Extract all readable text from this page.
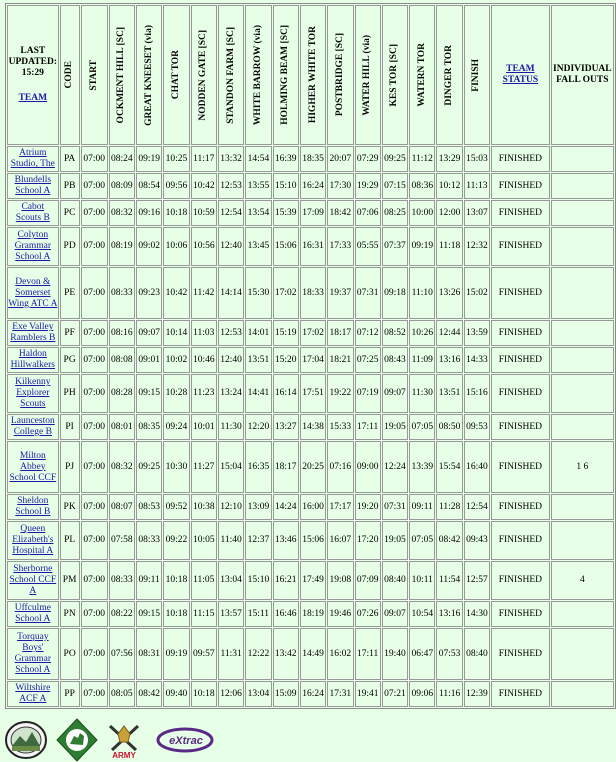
LAST UPDATED:
15:29
TEAM	CODE	START	OCKMENT HILL [SC]	GREAT KNEESET (via)	CHAT TOR	NODDEN GATE [SC]	STANDON FARM [SC]	WHITE BARROW (via)	HOLMING BEAM [SC]	HIGHER WHITE TOR	POSTBRIDGE [SC]	WATER HILL (via)	KES TOR [SC]	WATERN TOR	DINGER TOR	FINISH	TEAM STATUS	INDIVIDUAL FALL OUTS
Atrium Studio, The	PA	07:00	08:24	09:19	10:25	11:17	13:32	14:54	16:39	18:35	20:07	07:29	09:25	11:12	13:29	15:03	FINISHED	
Blundells School A	PB	07:00	08:09	08:54	09:56	10:42	12:53	13:55	15:10	16:24	17:30	19:29	07:15	08:36	10:12	11:13	FINISHED	
Cabot Scouts B	PC	07:00	08:32	09:16	10:18	10:59	12:54	13:54	15:39	17:09	18:42	07:06	08:25	10:00	12:00	13:07	FINISHED	
Colyton Grammar School A	PD	07:00	08:19	09:02	10:06	10:56	12:40	13:45	15:06	16:31	17:33	05:55	07:37	09:19	11:18	12:32	FINISHED	
Devon & Somerset Wing ATC A	PE	07:00	08:33	09:23	10:42	11:42	14:14	15:30	17:02	18:33	19:37	07:31	09:18	11:10	13:26	15:02	FINISHED	
Exe Valley Ramblers B	PF	07:00	08:16	09:07	10:14	11:03	12:53	14:01	15:19	17:02	18:17	07:12	08:52	10:26	12:44	13:59	FINISHED	
Haldon Hillwalkers	PG	07:00	08:08	09:01	10:02	10:46	12:40	13:51	15:20	17:04	18:21	07:25	08:43	11:09	13:16	14:33	FINISHED	
Kilkenny Explorer Scouts	PH	07:00	08:28	09:15	10:28	11:23	13:24	14:41	16:14	17:51	19:22	07:19	09:07	11:30	13:51	15:16	FINISHED	
Launceston College B	PI	07:00	08:01	08:35	09:24	10:01	11:30	12:20	13:27	14:38	15:33	17:11	19:05	07:05	08:50	09:53	FINISHED	
Milton Abbey School CCF	PJ	07:00	08:32	09:25	10:30	11:27	15:04	16:35	18:17	20:25	07:16	09:00	12:24	13:39	15:54	16:40	FINISHED	1 6
Sheldon School B	PK	07:00	08:07	08:53	09:52	10:38	12:10	13:09	14:24	16:00	17:17	19:20	07:31	09:11	11:28	12:54	FINISHED	
Queen Elizabeth's Hospital A	PL	07:00	07:58	08:33	09:22	10:05	11:40	12:37	13:46	15:06	16:07	17:20	19:05	07:05	08:42	09:43	FINISHED	
Sherborne School CCF A	PM	07:00	08:33	09:11	10:18	11:05	13:04	15:10	16:21	17:49	19:08	07:09	08:40	10:11	11:54	12:57	FINISHED	4
Uffculme School A	PN	07:00	08:22	09:15	10:18	11:15	13:57	15:11	16:46	18:19	19:46	07:26	09:07	10:54	13:16	14:30	FINISHED	
Torquay Boys' Grammar School A	PO	07:00	07:56	08:31	09:19	09:57	11:31	12:22	13:42	14:49	16:02	17:11	19:40	06:47	07:53	08:40	FINISHED	
Wiltshire ACF A	PP	07:00	08:05	08:42	09:40	10:18	12:06	13:04	15:09	16:24	17:31	19:41	07:21	09:06	11:16	12:39	FINISHED	
ARMY
eXtrac
